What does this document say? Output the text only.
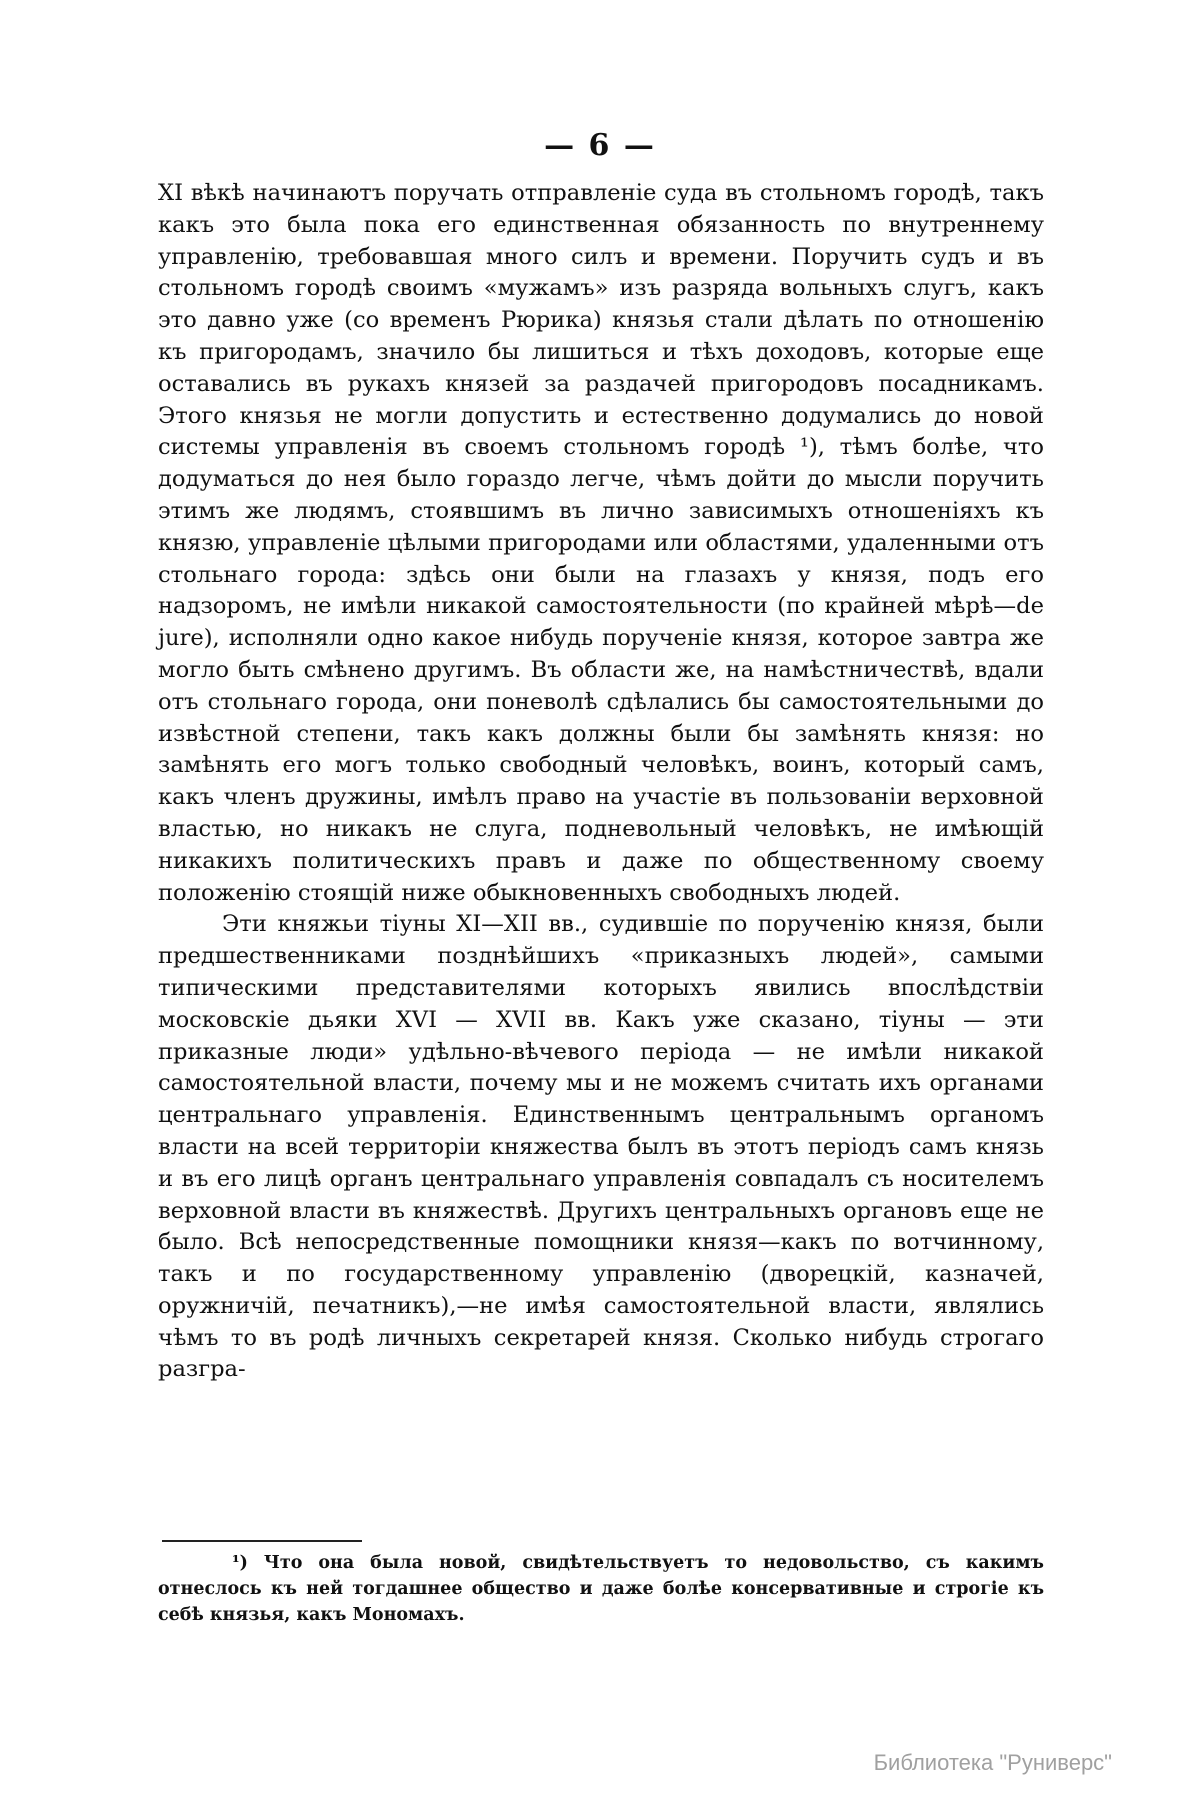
— 6 —

XI вѣкѣ начинаютъ поручать отправленіе суда въ стольномъ городѣ, такъ какъ это была пока его единственная обязанность по внутреннему управленію, требовавшая много силъ и времени. Поручить судъ и въ стольномъ городѣ своимъ «мужамъ» изъ разряда вольныхъ слугъ, какъ это давно уже (со временъ Рюрика) князья стали дѣлать по отношенію къ пригородамъ, значило бы лишиться и тѣхъ доходовъ, которые еще оставались въ рукахъ князей за раздачей пригородовъ посадникамъ. Этого князья не могли допустить и естественно додумались до новой системы управленія въ своемъ стольномъ городѣ ¹), тѣмъ болѣе, что додуматься до нея было гораздо легче, чѣмъ дойти до мысли поручить этимъ же людямъ, стоявшимъ въ лично зависимыхъ отношеніяхъ къ князю, управленіе цѣлыми пригородами или областями, удаленными отъ стольнаго города: здѣсь они были на глазахъ у князя, подъ его надзоромъ, не имѣли никакой самостоятельности (по крайней мѣрѣ—de jure), исполняли одно какое нибудь порученіе князя, которое завтра же могло быть смѣнено другимъ. Въ области же, на намѣстничествѣ, вдали отъ стольнаго города, они поневолѣ сдѣлались бы самостоятельными до извѣстной степени, такъ какъ должны были бы замѣнять князя: но замѣнять его могъ только свободный человѣкъ, воинъ, который самъ, какъ членъ дружины, имѣлъ право на участіе въ пользованіи верховной властью, но никакъ не слуга, подневольный человѣкъ, не имѣющій никакихъ политическихъ правъ и даже по общественному своему положенію стоящій ниже обыкновенныхъ свободныхъ людей.

Эти княжьи тіуны XI—XII вв., судившіе по порученію князя, были предшественниками позднѣйшихъ «приказныхъ людей», самыми типическими представителями которыхъ явились впослѣдствіи московскіе дьяки XVI — XVII вв. Какъ уже сказано, тіуны — эти приказные люди» удѣльно-вѣчевого періода — не имѣли никакой самостоятельной власти, почему мы и не можемъ считать ихъ органами центральнаго управленія. Единственнымъ центральнымъ органомъ власти на всей территоріи княжества былъ въ этотъ періодъ самъ князь и въ его лицѣ органъ центральнаго управленія совпадалъ съ носителемъ верховной власти въ княжествѣ. Другихъ центральныхъ органовъ еще не было. Всѣ непосредственные помощники князя—какъ по вотчинному, такъ и по государственному управленію (дворецкій, казначей, оружничій, печатникъ),—не имѣя самостоятельной власти, являлись чѣмъ то въ родѣ личныхъ секретарей князя. Сколько нибудь строгаго разгра-

¹) Что она была новой, свидѣтельствуетъ то недовольство, съ какимъ отнеслось къ ней тогдашнее общество и даже болѣе консервативные и строгіе къ себѣ князья, какъ Мономахъ.

Библиотека "Руниверс"
